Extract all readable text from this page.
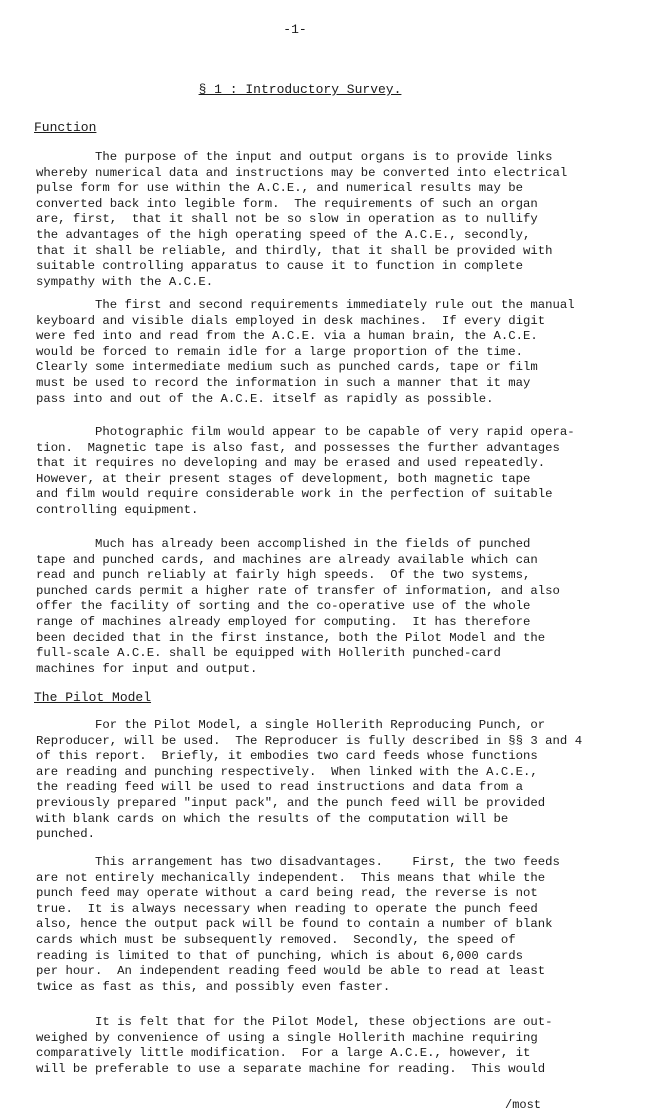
-1-
§ 1 : Introductory Survey.
Function
The purpose of the input and output organs is to provide links
whereby numerical data and instructions may be converted into electrical
pulse form for use within the A.C.E., and numerical results may be
converted back into legible form.  The requirements of such an organ
are, first,  that it shall not be so slow in operation as to nullify
the advantages of the high operating speed of the A.C.E., secondly,
that it shall be reliable, and thirdly, that it shall be provided with
suitable controlling apparatus to cause it to function in complete
sympathy with the A.C.E.
The first and second requirements immediately rule out the manual
keyboard and visible dials employed in desk machines.  If every digit
were fed into and read from the A.C.E. via a human brain, the A.C.E.
would be forced to remain idle for a large proportion of the time.
Clearly some intermediate medium such as punched cards, tape or film
must be used to record the information in such a manner that it may
pass into and out of the A.C.E. itself as rapidly as possible.
Photographic film would appear to be capable of very rapid opera-
tion.  Magnetic tape is also fast, and possesses the further advantages
that it requires no developing and may be erased and used repeatedly.
However, at their present stages of development, both magnetic tape
and film would require considerable work in the perfection of suitable
controlling equipment.
Much has already been accomplished in the fields of punched
tape and punched cards, and machines are already available which can
read and punch reliably at fairly high speeds.  Of the two systems,
punched cards permit a higher rate of transfer of information, and also
offer the facility of sorting and the co-operative use of the whole
range of machines already employed for computing.  It has therefore
been decided that in the first instance, both the Pilot Model and the
full-scale A.C.E. shall be equipped with Hollerith punched-card
machines for input and output.
The Pilot Model
For the Pilot Model, a single Hollerith Reproducing Punch, or
Reproducer, will be used.  The Reproducer is fully described in §§ 3 and 4
of this report.  Briefly, it embodies two card feeds whose functions
are reading and punching respectively.  When linked with the A.C.E.,
the reading feed will be used to read instructions and data from a
previously prepared "input pack", and the punch feed will be provided
with blank cards on which the results of the computation will be
punched.
This arrangement has two disadvantages.    First, the two feeds
are not entirely mechanically independent.  This means that while the
punch feed may operate without a card being read, the reverse is not
true.  It is always necessary when reading to operate the punch feed
also, hence the output pack will be found to contain a number of blank
cards which must be subsequently removed.  Secondly, the speed of
reading is limited to that of punching, which is about 6,000 cards
per hour.  An independent reading feed would be able to read at least
twice as fast as this, and possibly even faster.
It is felt that for the Pilot Model, these objections are out-
weighed by convenience of using a single Hollerith machine requiring
comparatively little modification.  For a large A.C.E., however, it
will be preferable to use a separate machine for reading.  This would
/most
